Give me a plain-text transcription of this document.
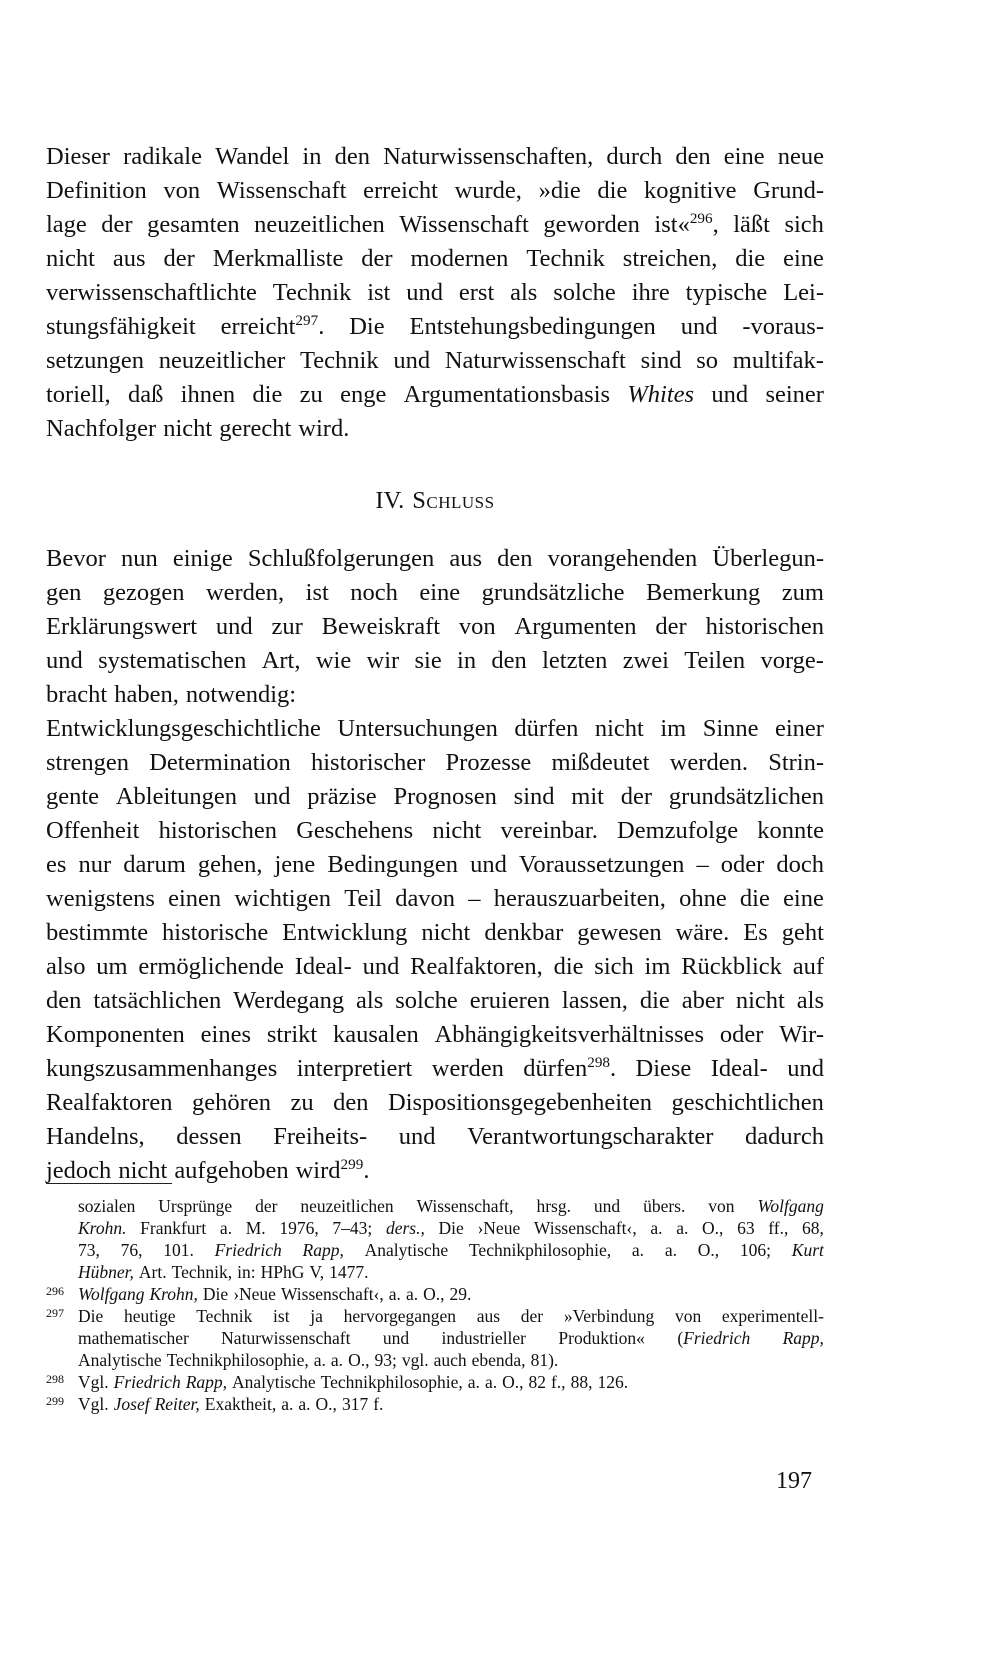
Dieser radikale Wandel in den Naturwissenschaften, durch den eine neue
Definition von Wissenschaft erreicht wurde, »die die kognitive Grund-
lage der gesamten neuzeitlichen Wissenschaft geworden ist«$^{296}$, läßt sich
nicht aus der Merkmalliste der modernen Technik streichen, die eine
verwissenschaftlichte Technik ist und erst als solche ihre typische Lei-
stungsfähigkeit erreicht$^{297}$. Die Entstehungsbedingungen und -voraus-
setzungen neuzeitlicher Technik und Naturwissenschaft sind so multifak-
toriell, daß ihnen die zu enge Argumentationsbasis Whites und seiner
Nachfolger nicht gerecht wird.
Bevor nun einige Schlußfolgerungen aus den vorangehenden Überlegun-
gen gezogen werden, ist noch eine grundsätzliche Bemerkung zum
Erklärungswert und zur Beweiskraft von Argumenten der historischen
und systematischen Art, wie wir sie in den letzten zwei Teilen vorge-
bracht haben, notwendig:
Entwicklungsgeschichtliche Untersuchungen dürfen nicht im Sinne einer
strengen Determination historischer Prozesse mißdeutet werden. Strin-
gente Ableitungen und präzise Prognosen sind mit der grundsätzlichen
Offenheit historischen Geschehens nicht vereinbar. Demzufolge konnte
es nur darum gehen, jene Bedingungen und Voraussetzungen – oder doch
wenigstens einen wichtigen Teil davon – herauszuarbeiten, ohne die eine
bestimmte historische Entwicklung nicht denkbar gewesen wäre. Es geht
also um ermöglichende Ideal- und Realfaktoren, die sich im Rückblick auf
den tatsächlichen Werdegang als solche eruieren lassen, die aber nicht als
Komponenten eines strikt kausalen Abhängigkeitsverhältnisses oder Wir-
kungszusammenhanges interpretiert werden dürfen$^{298}$. Diese Ideal- und
Realfaktoren gehören zu den Dispositionsgegebenheiten geschichtlichen
Handelns, dessen Freiheits- und Verantwortungscharakter dadurch
jedoch nicht aufgehoben wird$^{299}$.
IV. Schluss
sozialen Ursprünge der neuzeitlichen Wissenschaft, hrsg. und übers. von Wolfgang
Krohn. Frankfurt a. M. 1976, 7–43; ders., Die ›Neue Wissenschaft‹, a. a. O., 63 ff., 68,
73, 76, 101. Friedrich Rapp, Analytische Technikphilosophie, a. a. O., 106; Kurt
Hübner, Art. Technik, in: HPhG V, 1477.
296 Wolfgang Krohn, Die ›Neue Wissenschaft‹, a. a. O., 29.
297 Die heutige Technik ist ja hervorgegangen aus der »Verbindung von experimentell-
mathematischer Naturwissenschaft und industrieller Produktion« (Friedrich Rapp,
Analytische Technikphilosophie, a. a. O., 93; vgl. auch ebenda, 81).
298 Vgl. Friedrich Rapp, Analytische Technikphilosophie, a. a. O., 82 f., 88, 126.
299 Vgl. Josef Reiter, Exaktheit, a. a. O., 317 f.
197
